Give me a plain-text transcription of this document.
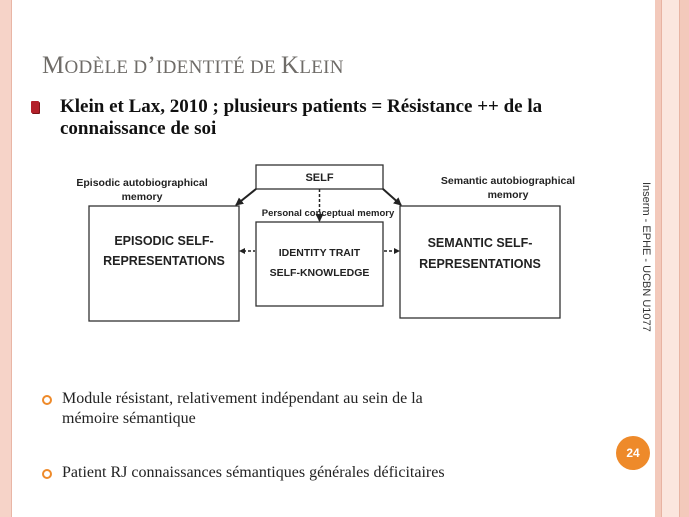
MODÈLE D’IDENTITÉ DE KLEIN
Klein et Lax, 2010 ; plusieurs patients = Résistance ++ de la
connaissance de soi
SELF
Personal conceptual memory
Episodic autobiographical
memory
Semantic autobiographical
memory
EPISODIC SELF-
REPRESENTATIONS
IDENTITY TRAIT
SELF-KNOWLEDGE
SEMANTIC SELF-
REPRESENTATIONS	Inserm - EPHE - UCBN U1077
Module résistant, relativement indépendant au sein de la
mémoire sémantique
Patient RJ connaissances sémantiques générales déficitaires
24
